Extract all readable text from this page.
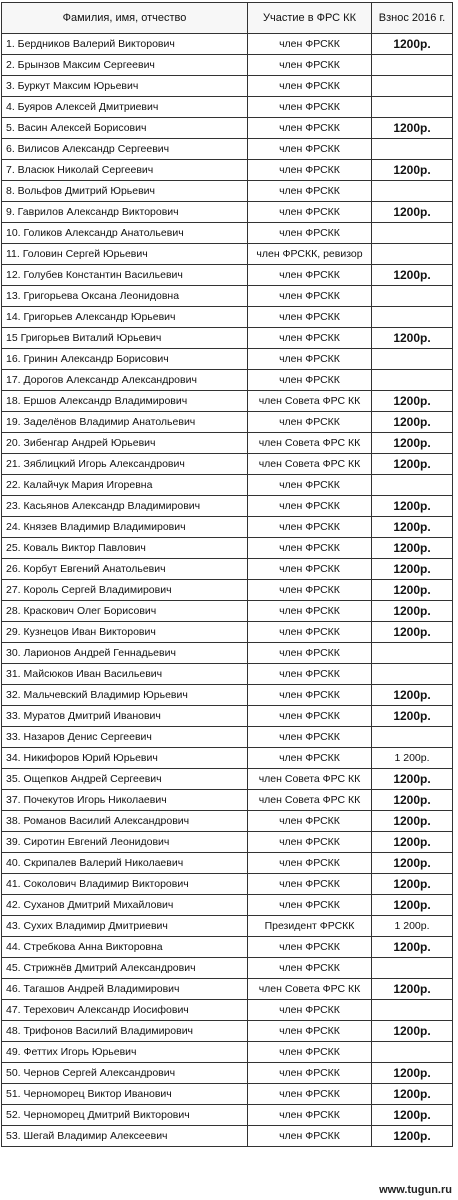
Фамилия, имя, отчество	Участие в ФРС КК	Взнос 2016 г.
1. Бердников Валерий Викторович	член ФРСКК	1200р.
2. Брынзов Максим Сергеевич	член ФРСКК	
3. Буркут Максим Юрьевич	член ФРСКК	
4. Буяров Алексей Дмитриевич	член ФРСКК	
5. Васин Алексей Борисович	член ФРСКК	1200р.
6. Вилисов Александр Сергеевич	член ФРСКК	
7. Власюк Николай Сергеевич	член ФРСКК	1200р.
8. Вольфов Дмитрий Юрьевич	член ФРСКК	
9. Гаврилов Александр Викторович	член ФРСКК	1200р.
10. Голиков Александр Анатольевич	член ФРСКК	
11. Головин Сергей Юрьевич	член ФРСКК, ревизор	
12. Голубев Константин Васильевич	член ФРСКК	1200р.
13. Григорьева Оксана Леонидовна	член ФРСКК	
14. Григорьев Александр Юрьевич	член ФРСКК	
15 Григорьев Виталий Юрьевич	член ФРСКК	1200р.
16. Гринин Александр Борисович	член ФРСКК	
17. Дорогов Александр Александрович	член ФРСКК	
18. Ершов Александр Владимирович	член Совета ФРС КК	1200р.
19. Заделёнов Владимир Анатольевич	член ФРСКК	1200р.
20. Зибенгар Андрей Юрьевич	член Совета ФРС КК	1200р.
21. Зяблицкий Игорь Александрович	член Совета ФРС КК	1200р.
22. Калайчук Мария Игоревна	член ФРСКК	
23. Касьянов Александр Владимирович	член ФРСКК	1200р.
24. Князев Владимир Владимирович	член ФРСКК	1200р.
25. Коваль Виктор Павлович	член ФРСКК	1200р.
26. Корбут Евгений Анатольевич	член ФРСКК	1200р.
27. Король Сергей Владимирович	член ФРСКК	1200р.
28. Краскович Олег Борисович	член ФРСКК	1200р.
29. Кузнецов Иван Викторович	член ФРСКК	1200р.
30. Ларионов Андрей Геннадьевич	член ФРСКК	
31. Майсюков Иван Васильевич	член ФРСКК	
32. Мальчевский Владимир Юрьевич	член ФРСКК	1200р.
33. Муратов Дмитрий Иванович	член ФРСКК	1200р.
33. Назаров Денис Сергеевич	член ФРСКК	
34. Никифоров Юрий Юрьевич	член ФРСКК	1 200р.
35. Ощепков Андрей Сергеевич	член Совета ФРС КК	1200р.
37. Почекутов Игорь Николаевич	член Совета ФРС КК	1200р.
38. Романов Василий Александрович	член ФРСКК	1200р.
39. Сиротин Евгений Леонидович	член ФРСКК	1200р.
40. Скрипалев Валерий Николаевич	член ФРСКК	1200р.
41. Соколович Владимир Викторович	член ФРСКК	1200р.
42. Суханов Дмитрий Михайлович	член ФРСКК	1200р.
43. Сухих Владимир Дмитриевич	Президент ФРСКК	1 200р.
44. Стребкова Анна Викторовна	член ФРСКК	1200р.
45. Стрижнёв Дмитрий Александрович	член ФРСКК	
46. Тагашов Андрей Владимирович	член Совета ФРС КК	1200р.
47. Терехович Александр Иосифович	член ФРСКК	
48. Трифонов Василий Владимирович	член ФРСКК	1200р.
49. Феттих Игорь Юрьевич	член ФРСКК	
50. Чернов Сергей Александрович	член ФРСКК	1200р.
51. Черноморец Виктор Иванович	член ФРСКК	1200р.
52. Черноморец Дмитрий Викторович	член ФРСКК	1200р.
53. Шегай Владимир Алексеевич	член ФРСКК	1200р.
www.tugun.ru
